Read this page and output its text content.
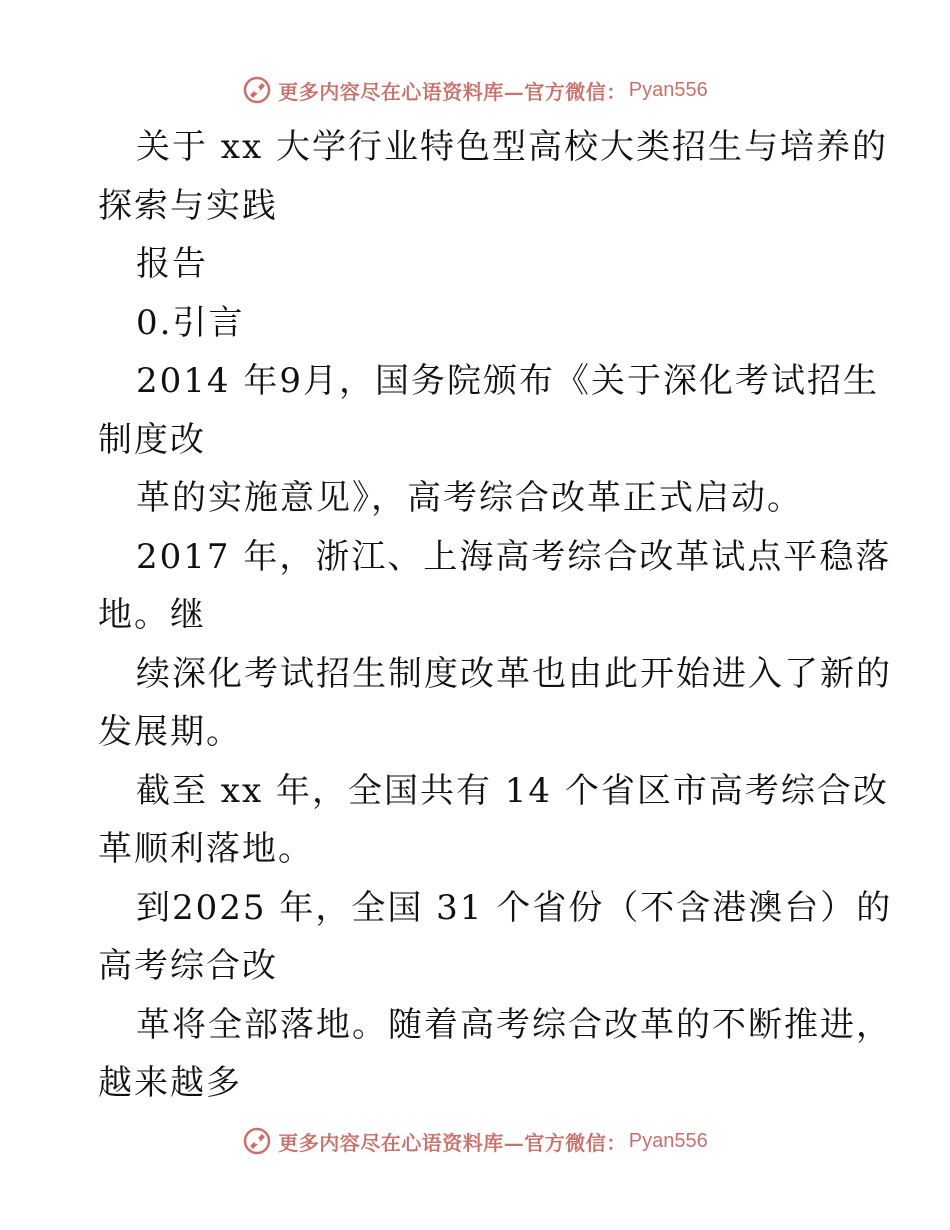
更多内容尽在心语资料库—官方微信： Pyan556
关于 xx 大学行业特色型高校大类招生与培养的
探索与实践
报告
0.引言
2014 年9月，国务院颁布《关于深化考试招生
制度改
革的实施意见》，高考综合改革正式启动。
2017 年，浙江、上海高考综合改革试点平稳落
地。继
续深化考试招生制度改革也由此开始进入了新的
发展期。
截至 xx 年，全国共有 14 个省区市高考综合改
革顺利落地。
到2025 年，全国 31 个省份（不含港澳台）的
高考综合改
革将全部落地。随着高考综合改革的不断推进，
越来越多
更多内容尽在心语资料库—官方微信： Pyan556
